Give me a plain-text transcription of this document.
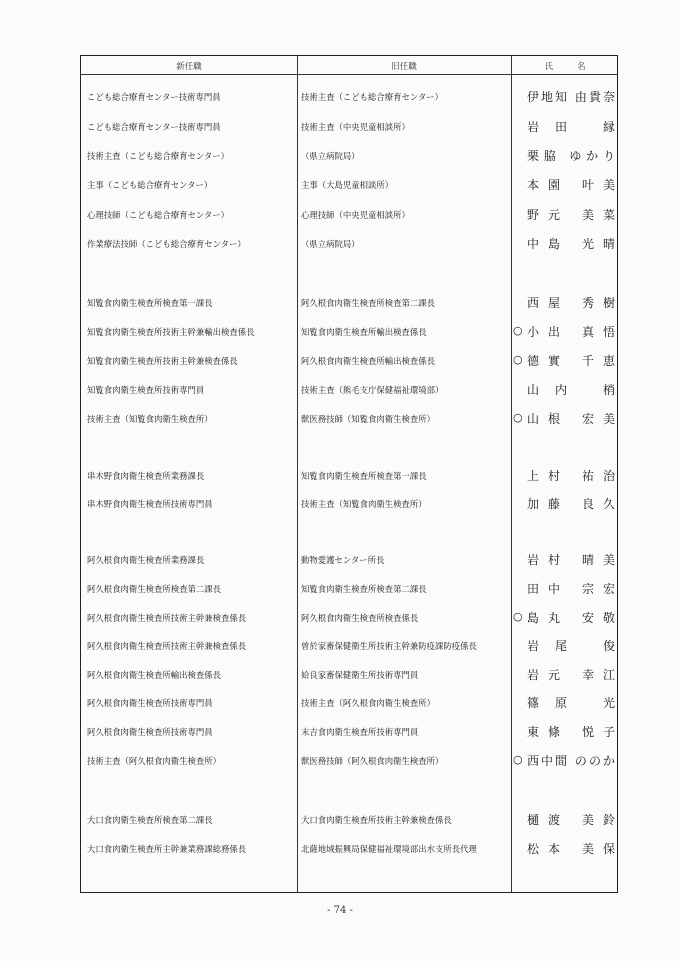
新任職	旧任職	氏名
こども総合療育センター技術専門員	技術主査（こども総合療育センター）	伊地知 由貴奈
こども総合療育センター技術専門員	技術主査（中央児童相談所）	岩田 縁
技術主査（こども総合療育センター）	（県立病院局）	栗脇 ゆかり
主事（こども総合療育センター）	主事（大島児童相談所）	本園 叶美
心理技師（こども総合療育センター）	心理技師（中央児童相談所）	野元 美菜
作業療法技師（こども総合療育センター）	（県立病院局）	中島 光晴
知覧食肉衛生検査所検査第一課長	阿久根食肉衛生検査所検査第二課長	西屋 秀樹
知覧食肉衛生検査所技術主幹兼輸出検査係長	知覧食肉衛生検査所輸出検査係長	○ 小出 真悟
知覧食肉衛生検査所技術主幹兼検査係長	阿久根食肉衛生検査所輸出検査係長	○ 德實 千恵
知覧食肉衛生検査所技術専門員	技術主査（熊毛支庁保健福祉環境部）	山内 梢
技術主査（知覧食肉衛生検査所）	獣医務技師（知覧食肉衛生検査所）	○ 山根 宏美
串木野食肉衛生検査所業務課長	知覧食肉衛生検査所検査第一課長	上村 祐治
串木野食肉衛生検査所技術専門員	技術主査（知覧食肉衛生検査所）	加藤 良久
阿久根食肉衛生検査所業務課長	動物愛護センター所長	岩村 晴美
阿久根食肉衛生検査所検査第二課長	知覧食肉衛生検査所検査第二課長	田中 宗宏
阿久根食肉衛生検査所技術主幹兼検査係長	阿久根食肉衛生検査所検査係長	○ 島丸 安敬
阿久根食肉衛生検査所技術主幹兼検査係長	曽於家畜保健衛生所技術主幹兼防疫課防疫係長	岩尾 俊
阿久根食肉衛生検査所輸出検査係長	姶良家畜保健衛生所技術専門員	岩元 幸江
阿久根食肉衛生検査所技術専門員	技術主査（阿久根食肉衛生検査所）	篠原 光
阿久根食肉衛生検査所技術専門員	末吉食肉衛生検査所技術専門員	東條 悦子
技術主査（阿久根食肉衛生検査所）	獣医務技師（阿久根食肉衛生検査所）	○ 西中間 ののか
大口食肉衛生検査所検査第二課長	大口食肉衛生検査所技術主幹兼検査係長	樋渡 美鈴
大口食肉衛生検査所主幹兼業務課総務係長	北薩地域振興局保健福祉環境部出水支所長代理	松本 美保
- 74 -
